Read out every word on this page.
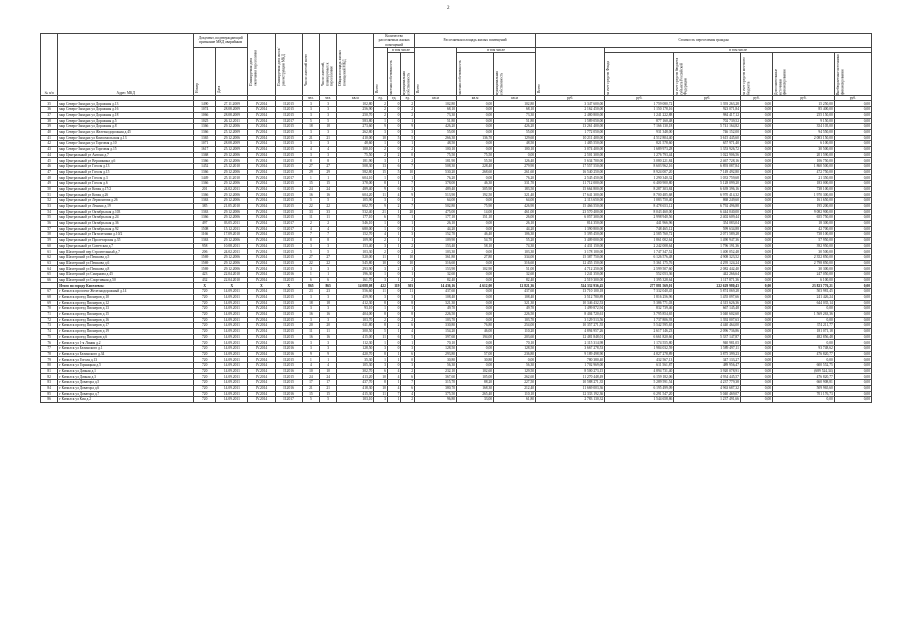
2
№ п/п	Адрес МКД	Документ, подтверждающий признание МКД аварийным		Планируемая дата окончания переселения	Планируемая дата сноса/реконструкции МКД	Число жителей всего	Число жителей, планируемых к переселению	Общая площадь жилых помещений МКД	Количество расселяемых жилых помещений			Расселяемая площадь жилых помещений			Стоимость переселения граждан					

		Номер	Дата						Всего	в том числе		Всего	в том числе		Всего	в том числе				

										частная собственность	муниципальная собственность		частная собственность	муниципальная собственность		за счет средств Фонда	за счет средств бюджета субъекта Российской Федерации	за счет средств местного бюджета	Дополнительные источники финансирования	Внебюджетные источники финансирования

						чел.	чел.	кв.м	ед.	ед.	ед.	кв.м	кв.м	кв.м	руб.	руб.	руб.	руб.	руб.	руб.
35	мкр Северо-Западнх ул Дорожная д.13	1490	27.11.2009	IV.2014	II.2015	3	3	102,80	2	0	2	102,80	0,00	102,80	3 347 600,00	1 759 080,72	1 393 263,28	0,00	15 250,00	0,00
36	мкр Северо-Западнх ул Дорожная д.16	1074	28.08.2009	IV.2014	II.2015	3	3	256,90	2	0	2	68,10	0,00	68,10	2 162 450,00	1 150 178,16	923 071,84	0,00	85 400,00	0,00
37	мкр Северо-Западнх ул Дорожная д.18	1066	28.08.2009	IV.2014	II.2015	3	3	250,70	2	0	2	73,30	0,00	73,30	2 480 800,00	1 241 222,88	984 417,12	0,00	255 150,00	0,00
38	мкр Северо-Западнх ул Дорожная д.5	1025	26.12.2011	IV.2014	II.2017	5	5	583,80	1	0	1	51,80	0,00	51,80	1 589 050,00	877 160,48	702 739,52	0,00	9 150,00	0,00
39	мкр Северо-Западнх ул Дорожная д.8	1366	29.12.2006	IV.2014	II.2015	18	18	273,60	9	0	9	426,20	0,00	426,20	13 261 400,00	7 166 130,18	5 741 164,82	0,00	354 105,00	0,00
40	мкр Северо-Западнх ул Железнодорожная д.45	1366	25.12.2009	IV.2014	II.2015	3	3	262,80	3	0	3	55,00	0,00	55,00	1 772 050,00	931 348,00	746 152,00	0,00	94 550,00	0,00
41	мкр Северо-Западнх ул Комсомольская д.13	1365	29.12.2006	IV.2014	II.2015	21	21	410,00	10	5	5	266,30	136,70	129,60	10 211 400,00	4 512 804,40	3 615 445,60	0,00	2 083 150,00	0,00
42	мкр Северо-Западнх ул Торговая д.10	1071	28.08.2009	IV.2014	II.2015	3	3	48,60	1	0	1	48,50	0,00	48,50	1 485 550,00	821 578,60	657 971,40	0,00	6 100,00	0,00
43	мкр Северо-Западнх ул Торговая д.15	1617	25.12.2009	IV.2014	II.2015	4	4	100,10	2	0	2	100,10	0,00	100,10	3 074 400,00	1 689 973,28	1 353 926,72	0,00	30 500,00	0,00
44	мкр Центральный ул Антона д.7	1368	29.12.2006	IV.2014	II.2015	3	3	75,50	2	2	0	75,50	75,50	0,00	2 501 300,00	1 276 793,44	1 022 906,56	0,00	201 590,00	0,00
45	мкр Центральный ул Вершинина д.6	1366	29.12.2006	IV.2014	II.2015	8	8	181,90	3	1	2	181,90	55,50	126,40	5 634 700,00	3 080 221,84	2 467 728,16	0,00	106 750,00	0,00
46	мкр Центральный ул Гоголя д.13	1452	25.12.2010	IV.2014	II.2015	27	27	508,30	13	6	7	508,30	228,40	279,90	17 557 550,00	8 603 962,16	6 893 087,84	0,00	1 860 500,00	0,00
47	мкр Центральный ул Гоголя д.15	1366	29.12.2006	IV.2014	II.2015	29	29	582,80	15	5	10	530,20	268,60	261,60	16 540 250,00	8 924 007,20	7 149 492,80	0,00	472 750,00	0,00
48	мкр Центральный ул Гоголя д.3	1449	25.11.2010	IV.2014	II.2017	1	1	604,10	1	0	1	76,20	0,00	76,20	2 545 450,00	1 290 340,32	1 033 759,68	0,00	21 350,00	0,00
49	мкр Центральный ул Гоголя д.6	1366	29.12.2006	IV.2014	II.2015	15	15	378,00	8	1	7	378,00	46,30	331,70	11 712 000,00	6 400 900,80	5 128 099,20	0,00	183 000,00	0,00
50	мкр Центральный ул Ковая д.17/2	201	24.02.2011	IV.2014	II.2015	24	24	489,40	9	6	3	489,40	305,90	183,50	15 664 800,00	8 287 303,84	6 639 396,16	0,00	738 100,00	0,00
51	мкр Центральный ул Ковая д.26	1366	29.12.2006	IV.2014	II.2015	16	16	604,20	11	4	9	513,90	192,50	321,40	17 641 300,00	8 700 485,68	6 970 414,32	0,00	1 970 300,00	0,00
52	мкр Центральный ул Лермонтова д.26	1363	29.12.2006	IV.2014	II.2015	5	5	105,90	3	0	1	64,00	0,00	64,00	2 113 650,00	1 083 750,40	868 249,60	0,00	161 650,00	0,00
53	мкр Центральный ул Ленина д.19	385	21.05.2010	IV.2014	II.2015	22	22	602,70	9	2	7	502,80	75,90	426,90	15 466 550,00	8 478 653,12	6 792 496,88	0,00	195 200,00	0,00
54	мкр Центральный ул Октябрьская д.103	1363	29.12.2006	IV.2014	II.2015	33	33	532,40	21	1	20	475,00	14,00	461,00	23 570 400,00	8 043 460,00	6 444 040,00	0,00	9 082 900,00	0,00
55	мкр Центральный ул Октябрьская д.24	1366	29.12.2006	IV.2014	II.2015	11	11	177,10	6	5	1	177,10	151,10	26,00	6 057 300,00	2 998 940,56	2 402 609,44	0,00	655 750,00	0,00
56	мкр Центральный ул Октябрьская д.36	497	03.05.2011	IV.2014	II.2017	2	2	546,10	1	0	1	26,10	0,00	26,10	814 350,00	441 966,96	354 083,04	0,00	18 300,00	0,00
57	мкр Центральный ул Октябрьская д.92	1508	15.12.2011	IV.2014	II.2017	4	4	680,00	1	0	1	44,20	0,00	44,20	1 390 800,00	748 465,12	599 634,88	0,00	42 700,00	0,00
58	мкр Центральный ул Пятилетники д.10/2	1166	17.09.2010	IV.2014	II.2015	7	7	152,70	4	1	3	152,70	46,40	106,30	5 395 450,00	2 585 760,72	2 071 589,28	0,00	738 100,00	0,00
59	мкр Центральный ул Пролетарская д.35	1363	29.12.2006	IV.2014	II.2015	8	8	109,90	2	1	1	109,90	54,70	55,20	3 409 000,00	1 861 002,64	1 490 947,36	0,00	57 950,00	0,00
60	мкр Центральный ул Советская д.7	958	10.08.2011	IV.2014	II.2015	3	3	153,40	3	1	2	153,40	58,10	74,30	4 431 150,00	2 242 008,64	1 796 191,36	0,00	392 950,00	0,00
61	мкр Шахтерский пер Строительный д.7	206	24.02.2011	IV.2014	II.2015	5	5	103,30	2	0	2	103,30	0,00	103,30	3 178 100,00	1 747 347,52	1 400 052,48	0,00	30 500,00	0,00
62	мкр Шахтерский ул Пешкова д.5	1569	29.12.2006	IV.2014	II.2015	27	27	520,00	11	1	10	361,80	27,80	334,00	15 387 750,00	6 126 576,48	4 908 323,52	0,00	2 352 850,00	0,00
63	мкр Шахтерский ул Пешкова д.6	1569	29.12.2006	IV.2014	II.2015	22	22	545,80	10	0	10	316,60	0,00	316,60	12 455 150,00	5 361 175,76	4 295 124,24	0,00	2 798 850,00	0,00
64	мкр Шахтерский ул Пешкова д.8	1569	29.12.2006	IV.2014	II.2015	3	3	293,90	3	2	1	153,90	102,90	51,00	4 712 250,00	2 599 507,60	2 082 442,40	0,00	30 300,00	0,00
65	мкр Шахтерский ул Смирнова д.45	423	22.04.2010	IV.2014	II.2016	1	1	196,30	1	0	1	32,60	0,00	32,60	1 241 350,00	552 053,36	442 266,64	0,00	247 050,00	0,00
66	мкр Шахтерский ул Спортивная д.50	432	22.04.2010	IV.2014	II.2015	6	6	161,70	3	1	2	82,40	0,00	82,40	2 519 300,00	1 395 328,64	1 117 871,36	0,00	6 100,00	0,00
	Итого по городу Киселевск:	X	X	X	X	865	865	14 088,08	422	119	303	14 436,16	4 612,00	12 821,36	524 332 936,45	277 881 569,01	222 629 980,43	0,00	23 823 776,21	0,00
67	г Кизилск проспект Железнодорожный д.14	720	14.09.2011	IV.2014	II.2015	23	23	556,60	11	0	11	437,60	0,00	437,60	13 710 100,18	7 332 040,45	5 874 069,28	0,00	503 981,45	0,00
68	г Кизилск проезд Пионеров д.10	720	14.09.2011	IV.2014	II.2015	3	3	459,90	3	0	3	108,40	0,00	108,40	3 512 780,89	1 816 256,96	1 455 097,66	0,00	241 426,24	0,00
69	г Кизилск проезд Пионеров д.12	720	14.09.2011	IV.2014	II.2015	18	18	412,30	8	0	8	321,30	0,00	321,30	10 346 432,53	5 386 771,03	4 315 626,36	0,00	644 035,14	0,00
70	г Кизилск проезд Пионеров д.13	720	14.09.2011	IV.2014	II.2015	3	3	93,10	1	0	1	49,70	0,00	49,70	1 499 872,94	832 739,46	667 145,48	0,00	0,00	0,00
71	г Кизилск проезд Пионеров д.15	720	14.09.2011	IV.2014	II.2015	16	16	404,00	8	0	8	226,50	0,00	226,50	8 404 720,61	3 795 854,65	3 040 602,60	0,00	1 569 263,36	0,00
72	г Кизилск проезд Пионеров д.16	720	14.09.2011	IV.2014	II.2015	3	3	103,70	2	0	2	103,70	0,00	103,70	3 129 513,56	1 737 806,93	1 392 007,63	0,00	0,00	0,00
73	г Кизилск проезд Пионеров д.17	720	14.09.2011	IV.2014	II.2015	20	20	611,80	8	2	6	330,80	76,80	254,00	10 357 271,55	5 542 595,65	4 440 464,00	0,00	374 211,77	0,00
74	г Кизилск проезд Пионеров д.19	720	14.09.2011	IV.2014	II.2015	11	11	300,50	5	1	4	154,20	46,00	110,20	4 894 957,26	2 617 146,23	2 096 736,86	0,00	181 071,18	0,00
75	г Кизилск проезд Пионеров д.6	720	14.09.2011	IV.2014	II.2015	16	16	415,00	11	6	5	397,60	194,00	203,60	12 481 848,01	6 661 820,66	5 337 147,87	0,00	482 856,48	0,00
76	г Кизилск ул 1-я Линия д.2	720	14.09.2011	IV.2014	II.2016	3	3	112,30	1	0	1	70,10	0,00	70,10	2 115 314,98	1 174 555,80	940 981,05	0,00	0,00	0,00
77	г Кизилск ул Белинского д.1	720	14.09.2011	IV.2014	II.2016	3	3	128,50	3	0	3	128,50	0,00	128,50	3 667 278,53	1 984 032,59	1 589 497,11	0,00	93 748,62	0,00
78	г Кизилск ул Белинского д.34	720	14.09.2011	IV.2014	II.2016	9	9	420,70	8	1	6	293,80	57,00	236,80	9 189 498,90	4 827 278,89	3 875 399,23	0,00	476 820,77	0,00
79	г Кизилск ул Гоголя д.13	720	14.09.2011	IV.2014	II.2015	1	1	35,30	1	1	0	30,80	30,80	0,00	780 380,40	432 567,13	347 133,27	0,00	0,00	0,00
80	г Кизилск ул Горняцкая д.5	720	14.09.2011	IV.2014	II.2015	4	4	105,30	3	0	3	56,30	0,00	56,30	1 702 969,00	611 561,87	489 956,47	0,00	600 552,75	0,00
81	г Кизилск ул Дачная д.1	720	14.09.2011	IV.2014	II.2016	10	10	302,70	6	4	2	232,10	102,60	129,50	8 500 273,15	4 894 731,40	3 920 078,91	0,00	(689 524,34)	0,00
82	г Кизилск ул Дачная д.3	720	14.09.2011	IV.2014	II.2015	24	24	413,20	10	4	6	367,60	105,00	262,60	11 270 448,49	6 159 182,06	4 934 445,57	0,00	476 820,77	0,00
83	г Кизилск ул Доватора д.5	720	14.09.2011	IV.2014	II.2015	17	17	437,70	8	1	7	315,70	88,20	227,50	10 588 271,35	5 289 591,54	4 237 779,38	0,00	660 908,81	0,00
84	г Кизилск ул Доватора д.6	720	14.09.2011	IV.2014	II.2016	21	21	418,30	10	4	6	380,70	168,30	212,40	11 669 003,36	6 195 499,09	4 963 687,32	0,00	509 965,60	0,00
85	г Кизилск ул Доватора д.7	720	14.09.2011	IV.2014	II.2016	15	15	415,30	11	7	4	375,50	265,40	110,10	12 333 192,36	6 291 547,20	5 040 469,07	0,00	701 176,73	0,00
86	г Кизилск ул Кия д.2	720	14.09.2011	IV.2014	II.2017	5	5	103,10	3	1	2	96,80	33,00	61,80	2 783 130,32	1 544 658,86	1 237 491,66	0,00	0,00	0,00
